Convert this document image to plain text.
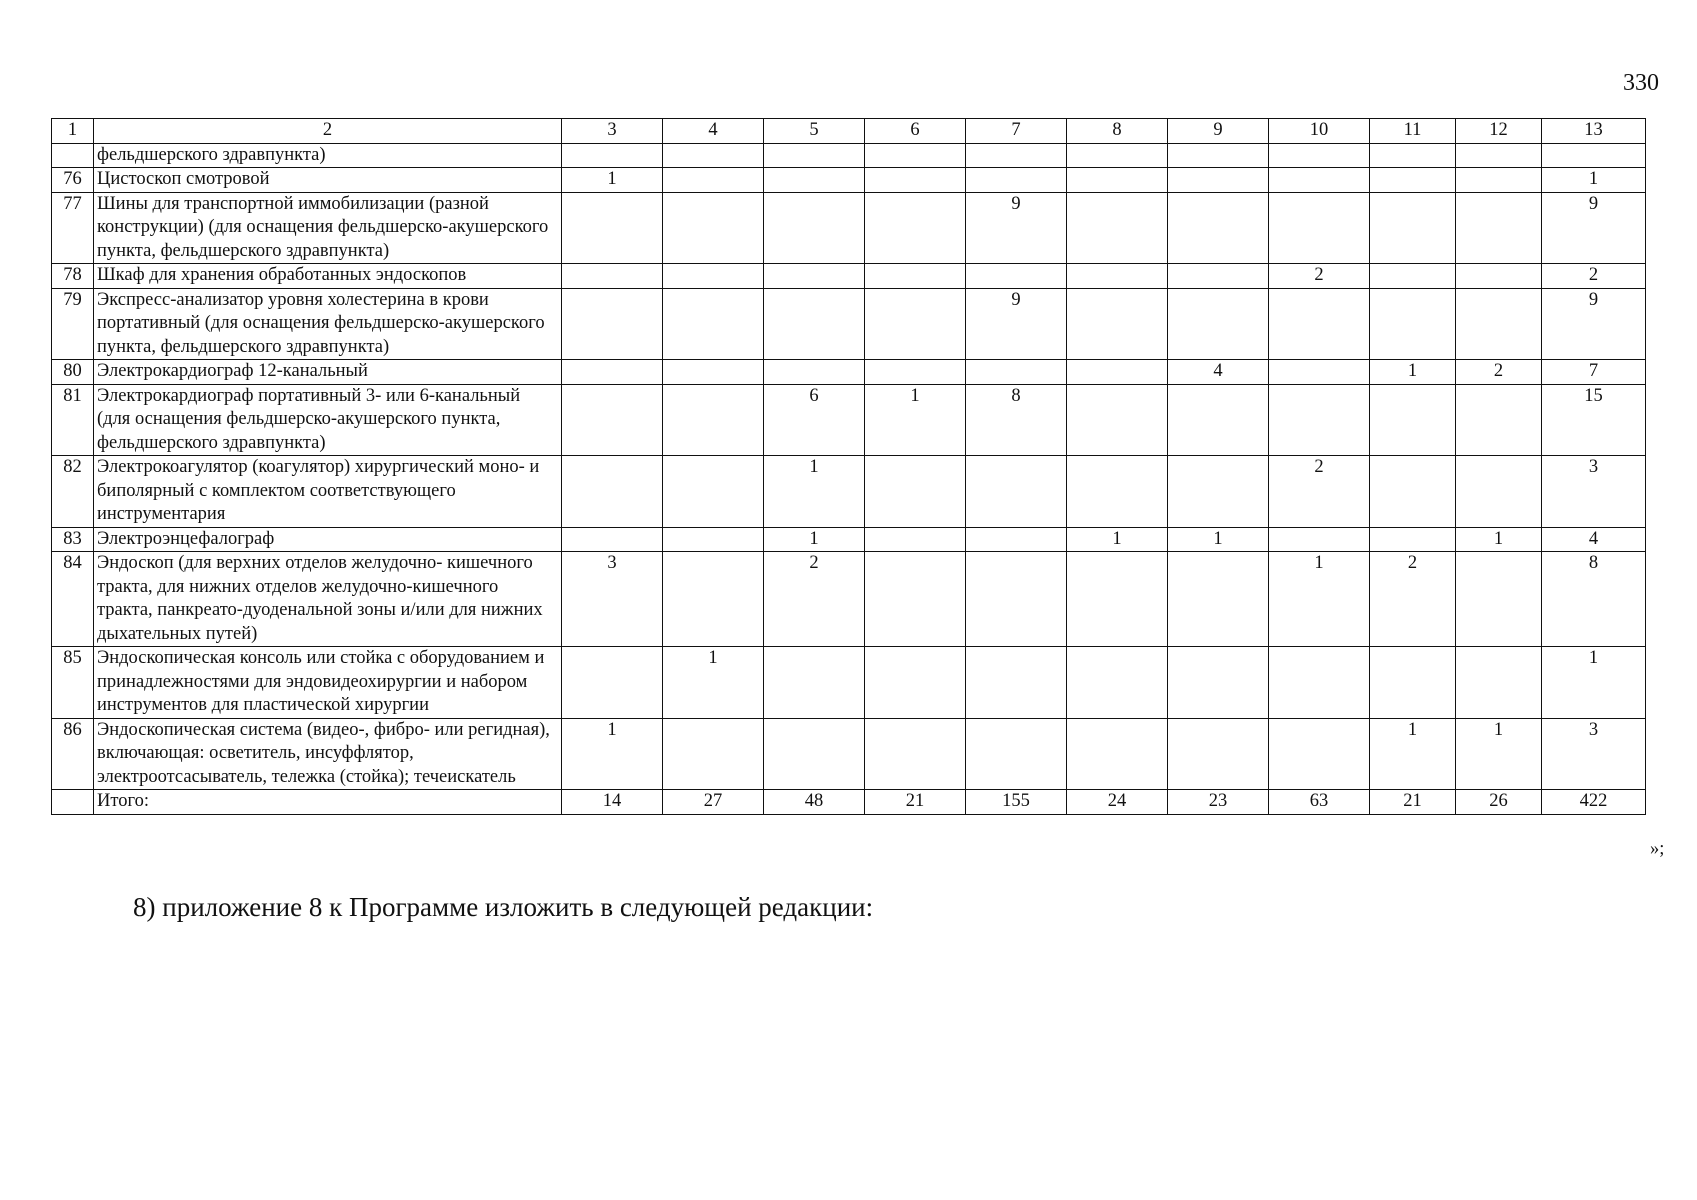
330
1	2	3	4	5	6	7	8	9	10	11	12	13
	фельдшерского здравпункта)											
76	Цистоскоп смотровой	1										1
77	Шины для транспортной иммобилизации (разной конструкции) (для оснащения фельдшерско-акушерского пункта, фельдшерского здравпункта)					9						9
78	Шкаф для хранения обработанных эндоскопов								2			2
79	Экспресс-анализатор уровня холестерина в крови портативный (для оснащения фельдшерско-акушерского пункта, фельдшерского здравпункта)					9						9
80	Электрокардиограф 12-канальный							4		1	2	7
81	Электрокардиограф портативный 3- или 6-канальный (для оснащения фельдшерско-акушерского пункта, фельдшерского здравпункта)			6	1	8						15
82	Электрокоагулятор (коагулятор) хирургический моно- и биполярный с комплектом соответствующего инструментария			1					2			3
83	Электроэнцефалограф			1			1	1			1	4
84	Эндоскоп (для верхних отделов желудочно- кишечного тракта, для нижних отделов желудочно-кишечного тракта, панкреато-дуоденальной зоны и/или для нижних дыхательных путей)	3		2					1	2		8
85	Эндоскопическая консоль или стойка с оборудованием и принадлежностями для эндовидеохирургии и набором инструментов для пластической хирургии		1									1
86	Эндоскопическая система (видео-, фибро- или регидная), включающая: осветитель, инсуффлятор, электроотсасыватель, тележка (стойка); течеискатель	1								1	1	3
	Итого:	14	27	48	21	155	24	23	63	21	26	422
»;
8) приложение 8 к Программе изложить в следующей редакции:
